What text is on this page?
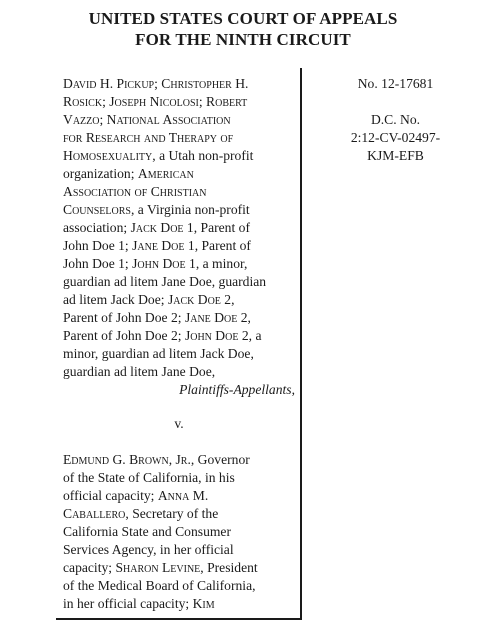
UNITED STATES COURT OF APPEALS
FOR THE NINTH CIRCUIT
David H. Pickup; Christopher H.
Rosick; Joseph Nicolosi; Robert
Vazzo; National Association
for Research and Therapy of
Homosexuality, a Utah non-profit
organization; American
Association of Christian
Counselors, a Virginia non-profit
association; Jack Doe 1, Parent of
John Doe 1; Jane Doe 1, Parent of
John Doe 1; John Doe 1, a minor,
guardian ad litem Jane Doe, guardian
ad litem Jack Doe; Jack Doe 2,
Parent of John Doe 2; Jane Doe 2,
Parent of John Doe 2; John Doe 2, a
minor, guardian ad litem Jack Doe,
guardian ad litem Jane Doe,
Plaintiffs-Appellants,
v.
Edmund G. Brown, Jr., Governor
of the State of California, in his
official capacity; Anna M.
Caballero, Secretary of the
California State and Consumer
Services Agency, in her official
capacity; Sharon Levine, President
of the Medical Board of California,
in her official capacity; Kim
No. 12-17681
D.C. No.
2:12-CV-02497-
KJM-EFB
